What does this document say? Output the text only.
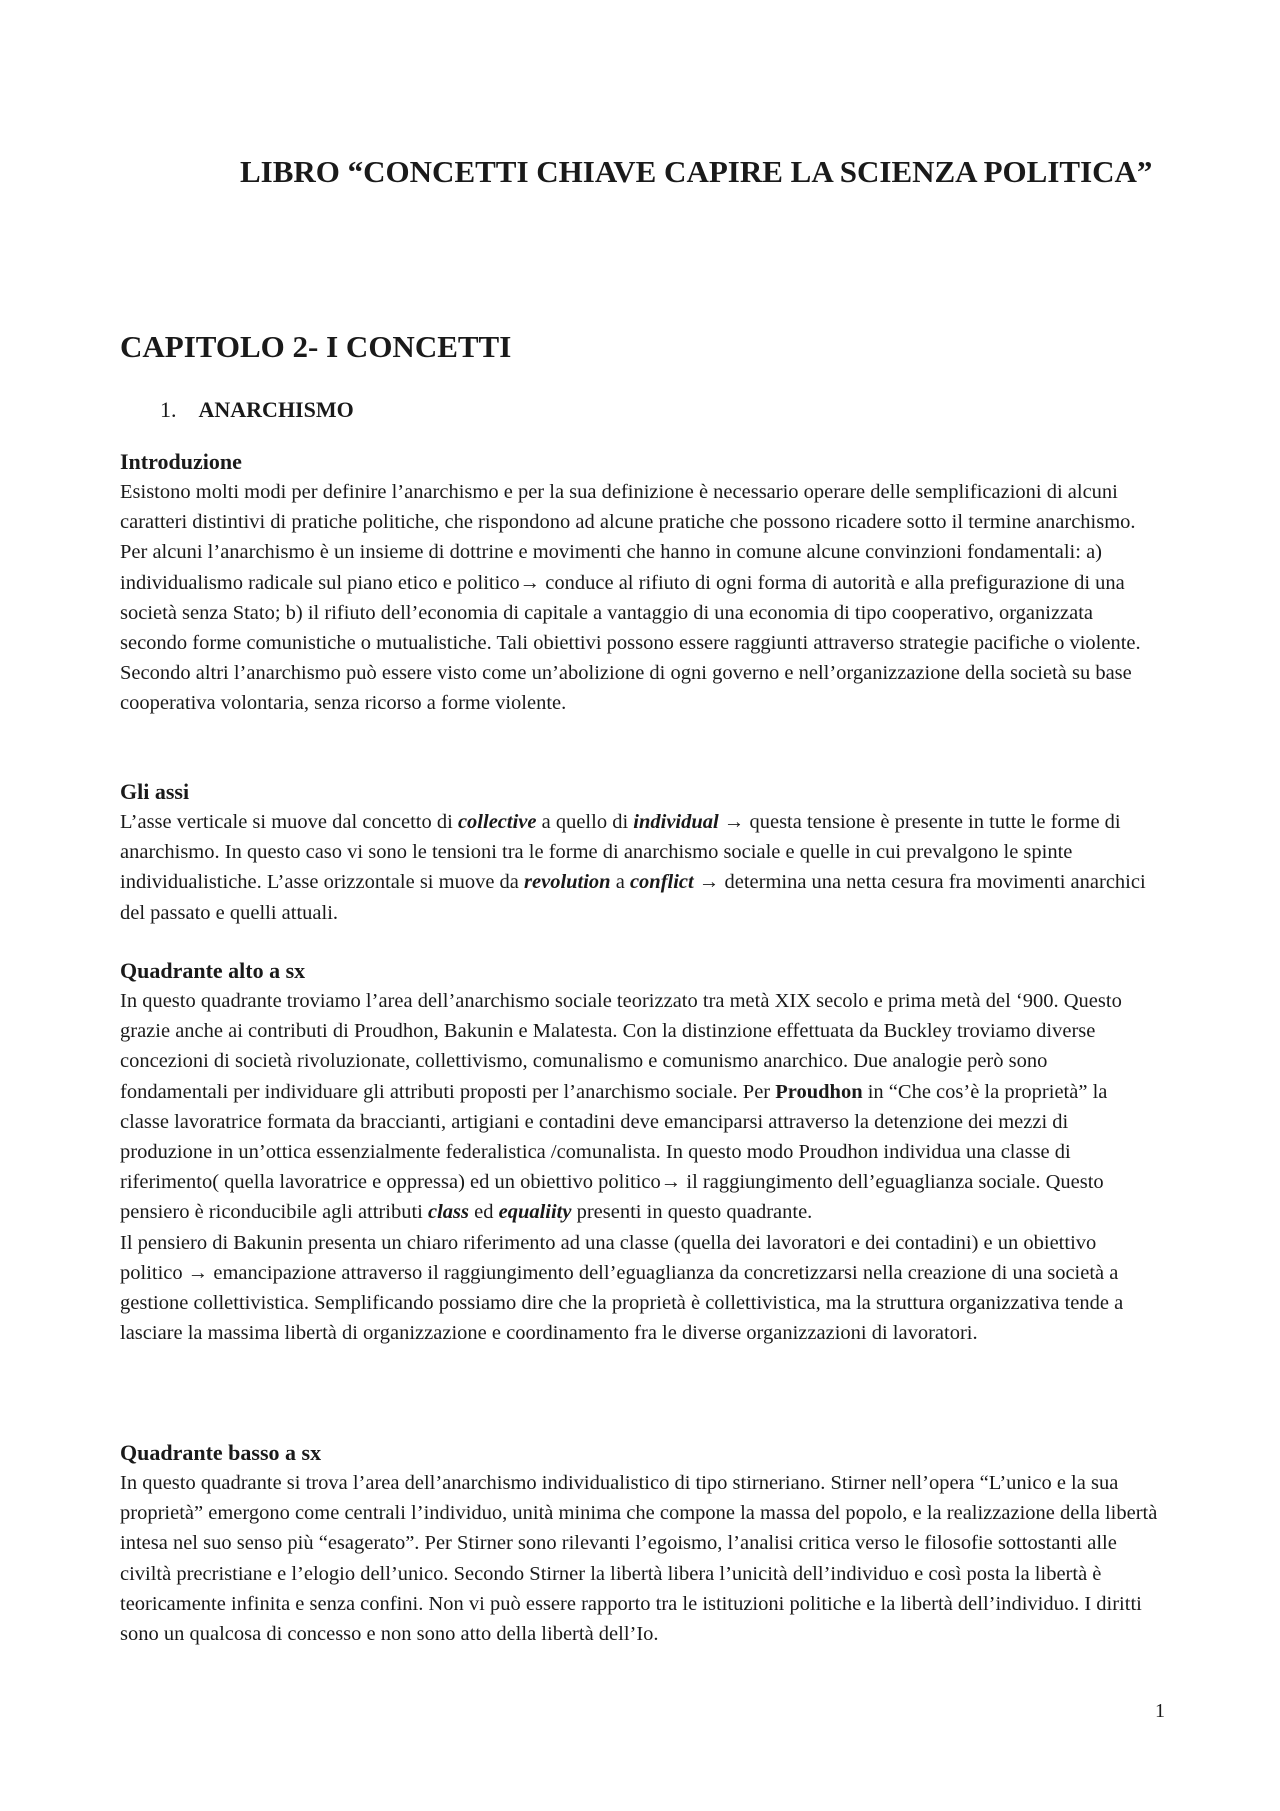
LIBRO “CONCETTI CHIAVE CAPIRE LA SCIENZA POLITICA”
CAPITOLO 2- I CONCETTI
1. ANARCHISMO
Introduzione

Esistono molti modi per definire l’anarchismo e per la sua definizione è necessario operare delle semplificazioni di alcuni caratteri distintivi di pratiche politiche, che rispondono ad alcune pratiche che possono ricadere sotto il termine anarchismo. Per alcuni l’anarchismo è un insieme di dottrine e movimenti che hanno in comune alcune convinzioni fondamentali: a) individualismo radicale sul piano etico e politico→ conduce al rifiuto di ogni forma di autorità e alla prefigurazione di una società senza Stato; b) il rifiuto dell’economia di capitale a vantaggio di una economia di tipo cooperativo, organizzata secondo forme comunistiche o mutualistiche. Tali obiettivi possono essere raggiunti attraverso strategie pacifiche o violente. Secondo altri l’anarchismo può essere visto come un’abolizione di ogni governo e nell’organizzazione della società su base cooperativa volontaria, senza ricorso a forme violente.

Gli assi

L’asse verticale si muove dal concetto di collective a quello di individual → questa tensione è presente in tutte le forme di anarchismo. In questo caso vi sono le tensioni tra le forme di anarchismo sociale e quelle in cui prevalgono le spinte individualistiche. L’asse orizzontale si muove da revolution a conflict → determina una netta cesura fra movimenti anarchici del passato e quelli attuali.

Quadrante alto a sx

In questo quadrante troviamo l’area dell’anarchismo sociale teorizzato tra metà XIX secolo e prima metà del ‘900. Questo grazie anche ai contributi di Proudhon, Bakunin e Malatesta. Con la distinzione effettuata da Buckley troviamo diverse concezioni di società rivoluzionate, collettivismo, comunalismo e comunismo anarchico. Due analogie però sono fondamentali per individuare gli attributi proposti per l’anarchismo sociale. Per Proudhon in “Che cos’è la proprietà” la classe lavoratrice formata da braccianti, artigiani e contadini deve emanciparsi attraverso la detenzione dei mezzi di produzione in un’ottica essenzialmente federalistica /comunalista. In questo modo Proudhon individua una classe di riferimento( quella lavoratrice e oppressa) ed un obiettivo politico→ il raggiungimento dell’eguaglianza sociale. Questo pensiero è riconducibile agli attributi class ed equaliity presenti in questo quadrante.

Il pensiero di Bakunin presenta un chiaro riferimento ad una classe (quella dei lavoratori e dei contadini) e un obiettivo politico → emancipazione attraverso il raggiungimento dell’eguaglianza da concretizzarsi nella creazione di una società a gestione collettivistica. Semplificando possiamo dire che la proprietà è collettivistica, ma la struttura organizzativa tende a lasciare la massima libertà di organizzazione e coordinamento fra le diverse organizzazioni di lavoratori.

Quadrante basso a sx

In questo quadrante si trova l’area dell’anarchismo individualistico di tipo stirneriano. Stirner nell’opera “L’unico e la sua proprietà” emergono come centrali l’individuo, unità minima che compone la massa del popolo, e la realizzazione della libertà intesa nel suo senso più “esagerato”. Per Stirner sono rilevanti l’egoismo, l’analisi critica verso le filosofie sottostanti alle civiltà precristiane e l’elogio dell’unico. Secondo Stirner la libertà libera l’unicità dell’individuo e così posta la libertà è teoricamente infinita e senza confini. Non vi può essere rapporto tra le istituzioni politiche e la libertà dell’individuo. I diritti sono un qualcosa di concesso e non sono atto della libertà dell’Io.

1
